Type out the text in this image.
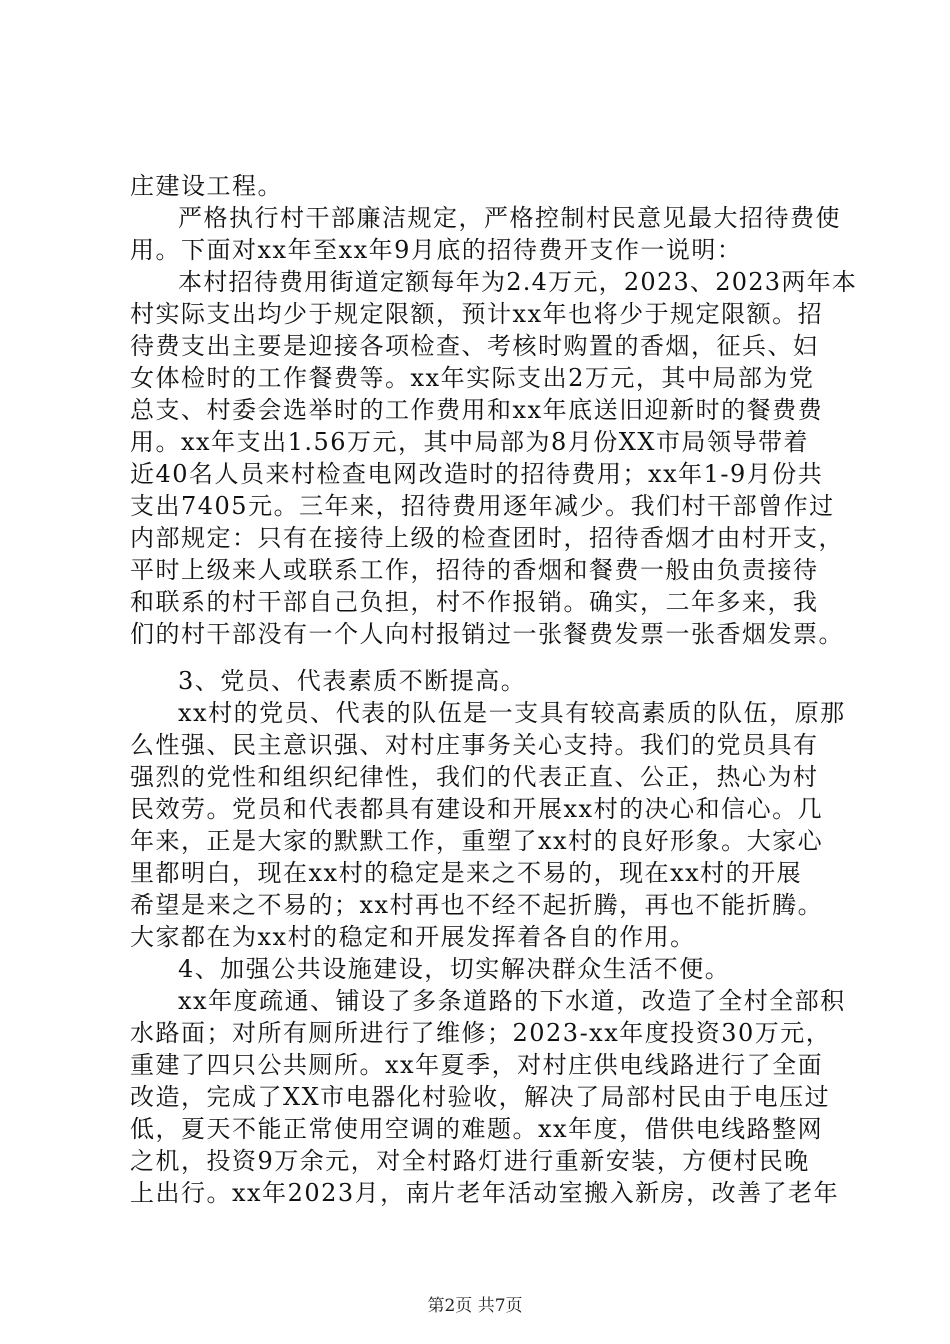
庄建设工程。
严格执行村干部廉洁规定，严格控制村民意见最大招待费使
用。下面对xx年至xx年9月底的招待费开支作一说明：
本村招待费用街道定额每年为2.4万元，2023、2023两年本
村实际支出均少于规定限额，预计xx年也将少于规定限额。招
待费支出主要是迎接各项检查、考核时购置的香烟，征兵、妇
女体检时的工作餐费等。xx年实际支出2万元，其中局部为党
总支、村委会选举时的工作费用和xx年底送旧迎新时的餐费费
用。xx年支出1.56万元，其中局部为8月份XX市局领导带着
近40名人员来村检查电网改造时的招待费用；xx年1-9月份共
支出7405元。三年来，招待费用逐年减少。我们村干部曾作过
内部规定：只有在接待上级的检查团时，招待香烟才由村开支，
平时上级来人或联系工作，招待的香烟和餐费一般由负责接待
和联系的村干部自己负担，村不作报销。确实，二年多来，我
们的村干部没有一个人向村报销过一张餐费发票一张香烟发票。
3、党员、代表素质不断提高。
xx村的党员、代表的队伍是一支具有较高素质的队伍，原那
么性强、民主意识强、对村庄事务关心支持。我们的党员具有
强烈的党性和组织纪律性，我们的代表正直、公正，热心为村
民效劳。党员和代表都具有建设和开展xx村的决心和信心。几
年来，正是大家的默默工作，重塑了xx村的良好形象。大家心
里都明白，现在xx村的稳定是来之不易的，现在xx村的开展
希望是来之不易的；xx村再也不经不起折腾，再也不能折腾。
大家都在为xx村的稳定和开展发挥着各自的作用。
4、加强公共设施建设，切实解决群众生活不便。
xx年度疏通、铺设了多条道路的下水道，改造了全村全部积
水路面；对所有厕所进行了维修；2023-xx年度投资30万元，
重建了四只公共厕所。xx年夏季，对村庄供电线路进行了全面
改造，完成了XX市电器化村验收，解决了局部村民由于电压过
低，夏天不能正常使用空调的难题。xx年度，借供电线路整网
之机，投资9万余元，对全村路灯进行重新安装，方便村民晚
上出行。xx年2023月，南片老年活动室搬入新房，改善了老年
第2页 共7页
